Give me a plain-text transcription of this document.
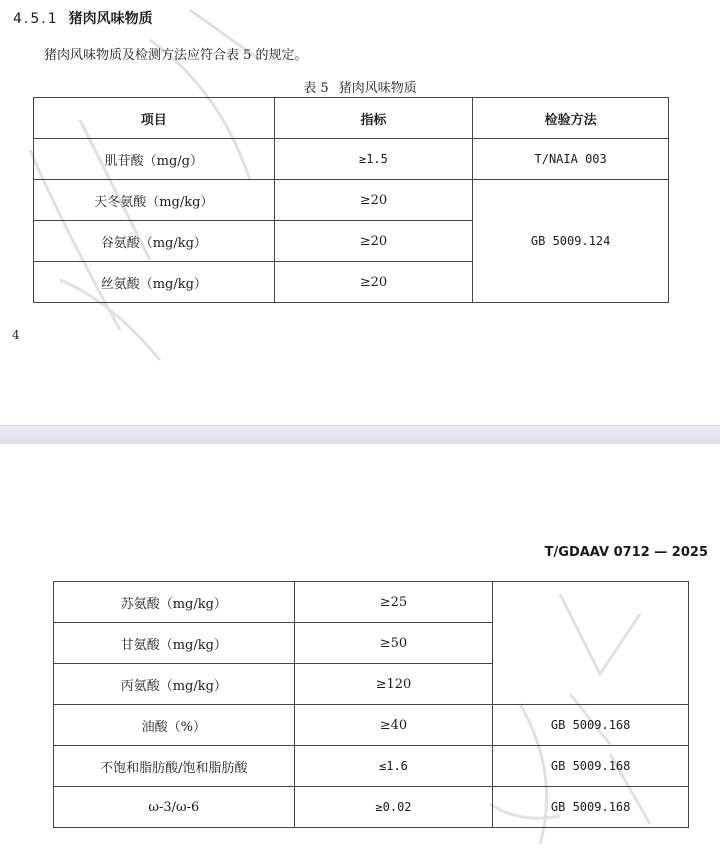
4.5.1 猪肉风味物质
猪肉风味物质及检测方法应符合表 5 的规定。
表 5 猪肉风味物质
项目	指标	检验方法
肌苷酸（mg/g）	≥1.5	T/NAIA 003
天冬氨酸（mg/kg）	≥20	GB 5009.124
谷氨酸（mg/kg）	≥20	
丝氨酸（mg/kg）	≥20	
4
T/GDAAV 0712 — 2025
苏氨酸（mg/kg）	≥25	
甘氨酸（mg/kg）	≥50	
丙氨酸（mg/kg）	≥120	
油酸（%）	≥40	GB 5009.168
不饱和脂肪酸/饱和脂肪酸	≤1.6	GB 5009.168
ω-3/ω-6	≥0.02	GB 5009.168
